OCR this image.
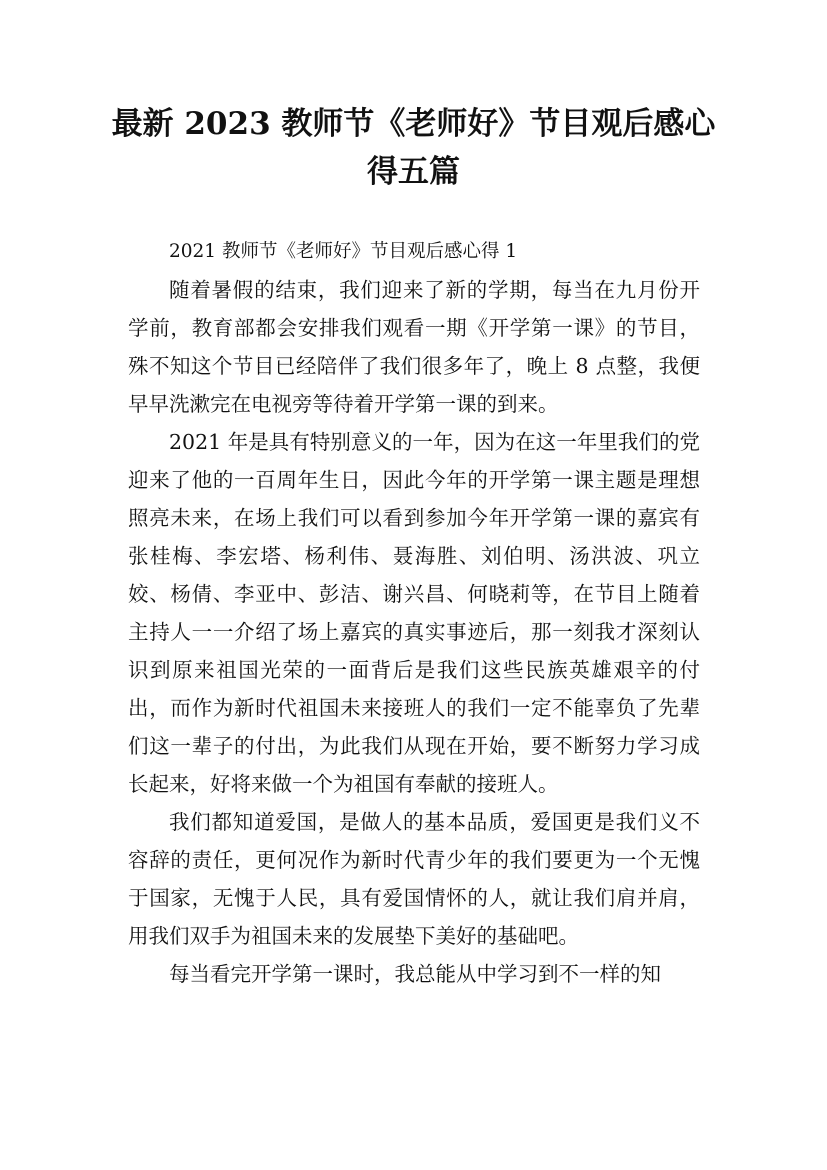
最新 2023 教师节《老师好》节目观后感心得五篇

2021 教师节《老师好》节目观后感心得 1

随着暑假的结束，我们迎来了新的学期，每当在九月份开学前，教育部都会安排我们观看一期《开学第一课》的节目，殊不知这个节目已经陪伴了我们很多年了，晚上 8 点整，我便早早洗漱完在电视旁等待着开学第一课的到来。

2021 年是具有特别意义的一年，因为在这一年里我们的党迎来了他的一百周年生日，因此今年的开学第一课主题是理想照亮未来，在场上我们可以看到参加今年开学第一课的嘉宾有张桂梅、李宏塔、杨利伟、聂海胜、刘伯明、汤洪波、巩立姣、杨倩、李亚中、彭洁、谢兴昌、何晓莉等，在节目上随着主持人一一介绍了场上嘉宾的真实事迹后，那一刻我才深刻认识到原来祖国光荣的一面背后是我们这些民族英雄艰辛的付出，而作为新时代祖国未来接班人的我们一定不能辜负了先辈们这一辈子的付出，为此我们从现在开始，要不断努力学习成长起来，好将来做一个为祖国有奉献的接班人。

我们都知道爱国，是做人的基本品质，爱国更是我们义不容辞的责任，更何况作为新时代青少年的我们要更为一个无愧于国家，无愧于人民，具有爱国情怀的人，就让我们肩并肩，用我们双手为祖国未来的发展垫下美好的基础吧。

每当看完开学第一课时，我总能从中学习到不一样的知
